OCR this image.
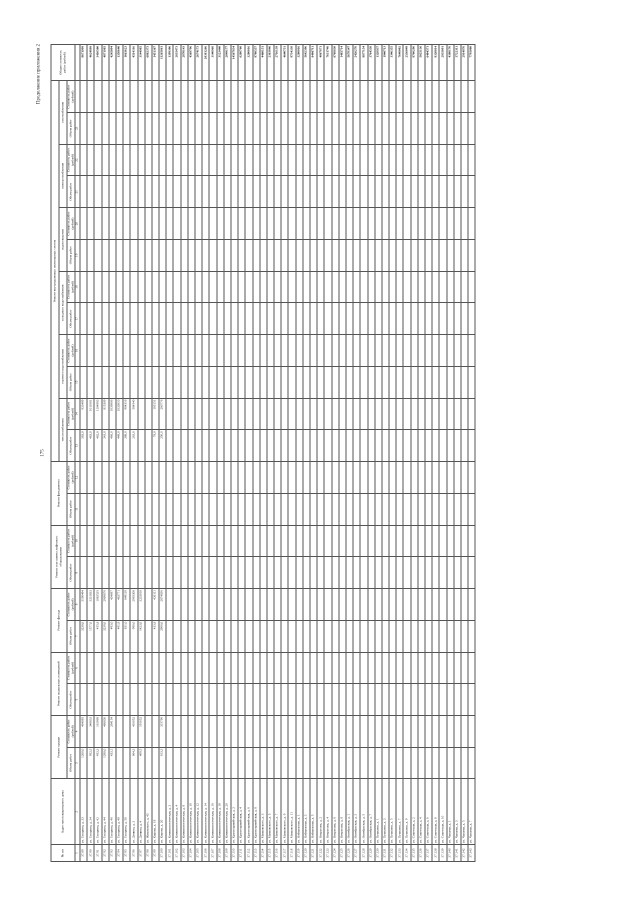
Продолжение приложения 2
175
№ п/п	Адрес многоквартирного дома	Ремонт крыши		Ремонт подвальных помещений		Ремонт фасада		Ремонт или замена лифтового оборудования		Ремонт фундамента		Ремонт внутридомовых инженерных систем												Общая стоимость работ (рублей)
												теплоснабжения		горячего водоснабжения		холодного водоснабжения		водоотведения		электроснабжения		газоснабжения		
		Объем работ	Стоимость работ (рублей)	Объем работ	Стоимость работ (рублей)	Объем работ	Стоимость работ (рублей)	Объем работ	Стоимость работ (рублей)	Объем работ	Стоимость работ (рублей)	Объем работ	Стоимость работ (рублей)	Объем работ	Стоимость работ (рублей)	Объем работ	Стоимость работ (рублей)	Объем работ	Стоимость работ (рублей)	Объем работ	Стоимость работ (рублей)	Объем работ	Стоимость работ (рублей)	
1	2	3	4	5	6	7	8	9	10	11	12	13	14	15	16	17	18	19	20	21	22	23		
37.89	ул. Гагарина, д. 33	1260,0	464085			3238,0	3190494					383,0	933489											8671999
37.90	ул. Гагарина, д. 34	952,5	348833			1577,0	3331833					483,0	1011081											4624899
37.91	ул. Гагарина, д. 42	453,3	161969			455,8	1083535					482,0	1104993											3410500
37.92	ул. Гагарина, д. 44	1290,0	466836			3239,0	2969876					343,0	815309											4871985
37.93	ул. Гагарина, д. 46	433,1	264154			493,0	434697					466,0	1036906											4245094
37.94	ул. Гагарина, д. 48					491,9	463771					448,0	1033810											1358640
37.95	ул. Гагарина, д. 50					831,0	649119					388,0	904316											1663623
37.96	ул. Демина, д. 3	664,3	416052			990,0	2965308					263,0	584540											4514316
37.97	ул. Демина, д. 4	409,5	191652			1423,0	3233018																	3144985
37.98	ул. Жуковского, д. 43																							6802373
37.99	ул. Кирова, д. 18					433,8	426111					78,0	185151											1451367
37.100	ул. Кирова, д. 20	613,3	315796			2906,0	2874836					250,0	260776											11265861
37.101	ул. Коммунистическая, д. 2																							1399306
37.102	ул. Коммунистическая, д. 4																							2835473
37.103	ул. Коммунистическая, д. 8																							2870143
37.104	ул. Коммунистическая, д. 10																							4569796
37.105	ул. Коммунистическая, д. 12																							2674173
37.106	ул. Коммунистическая, д. 14																							20381266
37.107	ул. Коммунистическая, д. 16																							3140968
37.108	ул. Коммунистическая, д. 18																							3123440
37.109	ул. Коммунистическая, д. 20																							2849177
37.110	ул. Красноармейская, д. 2																							14567834
37.111	ул. Красноармейская, д. 4																							6208760
37.112	ул. Красноармейская, д. 6																							3280016
37.113	ул. Красноармейская, д. 8																							9780557
37.114	ул. Маяковского, д. 3																							4460151
37.115	ул. Маяковского, д. 5																							2363846
37.116	ул. Маяковского, д. 7																							2716139
37.117	ул. Маяковского, д. 9																							4640751
37.118	ул. Маяковского, д. 11																							9734338
37.119	ул. Набережная, д. 1																							3280016
37.120	ул. Набережная, д. 3																							5642396
37.121	ул. Набережная, д. 5																							6406711
37.122	ул. Некрасова, д. 2																							4867871
37.123	ул. Некрасова, д. 4																							7631748
37.124	ул. Некрасова, д. 6																							6768830
37.125	ул. Некрасова, д. 8																							1485714
37.126	ул. Октябрьская, д. 1																							5678347
37.127	ул. Октябрьская, д. 3																							2426276
37.128	ул. Октябрьская, д. 5																							8877154
37.129	ул. Октябрьская, д. 7																							3764538
37.130	ул. Пушкина, д. 1																							1328937
37.131	ул. Пушкина, д. 3																							1940713
37.132	ул. Пушкина, д. 5																							3346355
37.133	ул. Пушкина, д. 7																							7648002
37.134	ул. Пушкина, д. 9																							2536049
37.135	ул. Советская, д. 2																							8760296
37.136	ул. Советская, д. 4																							5025136
37.137	ул. Советская, д. 6																							6404571
37.138	ул. Советская, д. 8																							8320014
37.139	ул. Советская, д. 10																							2935091
37.140	ул. Чапаева, д. 1																							4380176
37.141	ул. Чапаева, д. 3																							3722311
37.142	ул. Чапаева, д. 5																							2914876
37.143	ул. Чапаева, д. 7																							7795080
